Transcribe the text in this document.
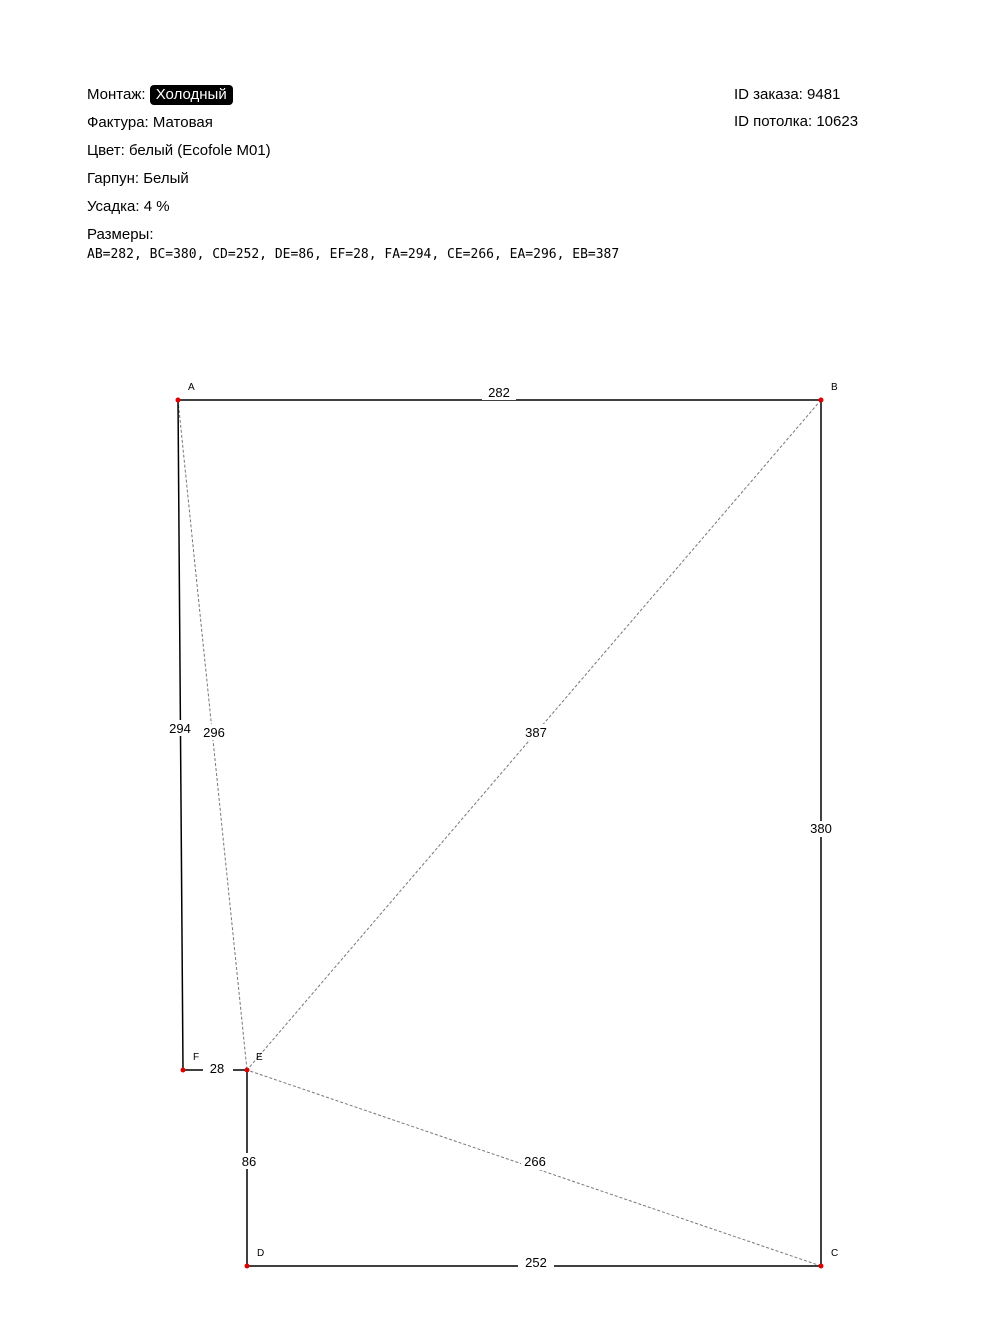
Монтаж: Холодный
Фактура: Матовая
Цвет: белый (Ecofole M01)
Гарпун: Белый
Усадка: 4 %
Размеры:
AB=282, BC=380, CD=252, DE=86, EF=28, FA=294, CE=266, EA=296, EB=387
ID заказа: 9481
ID потолка: 10623
282
380
252
86
28
294 296	387
266
A	B
C
D
E
F
